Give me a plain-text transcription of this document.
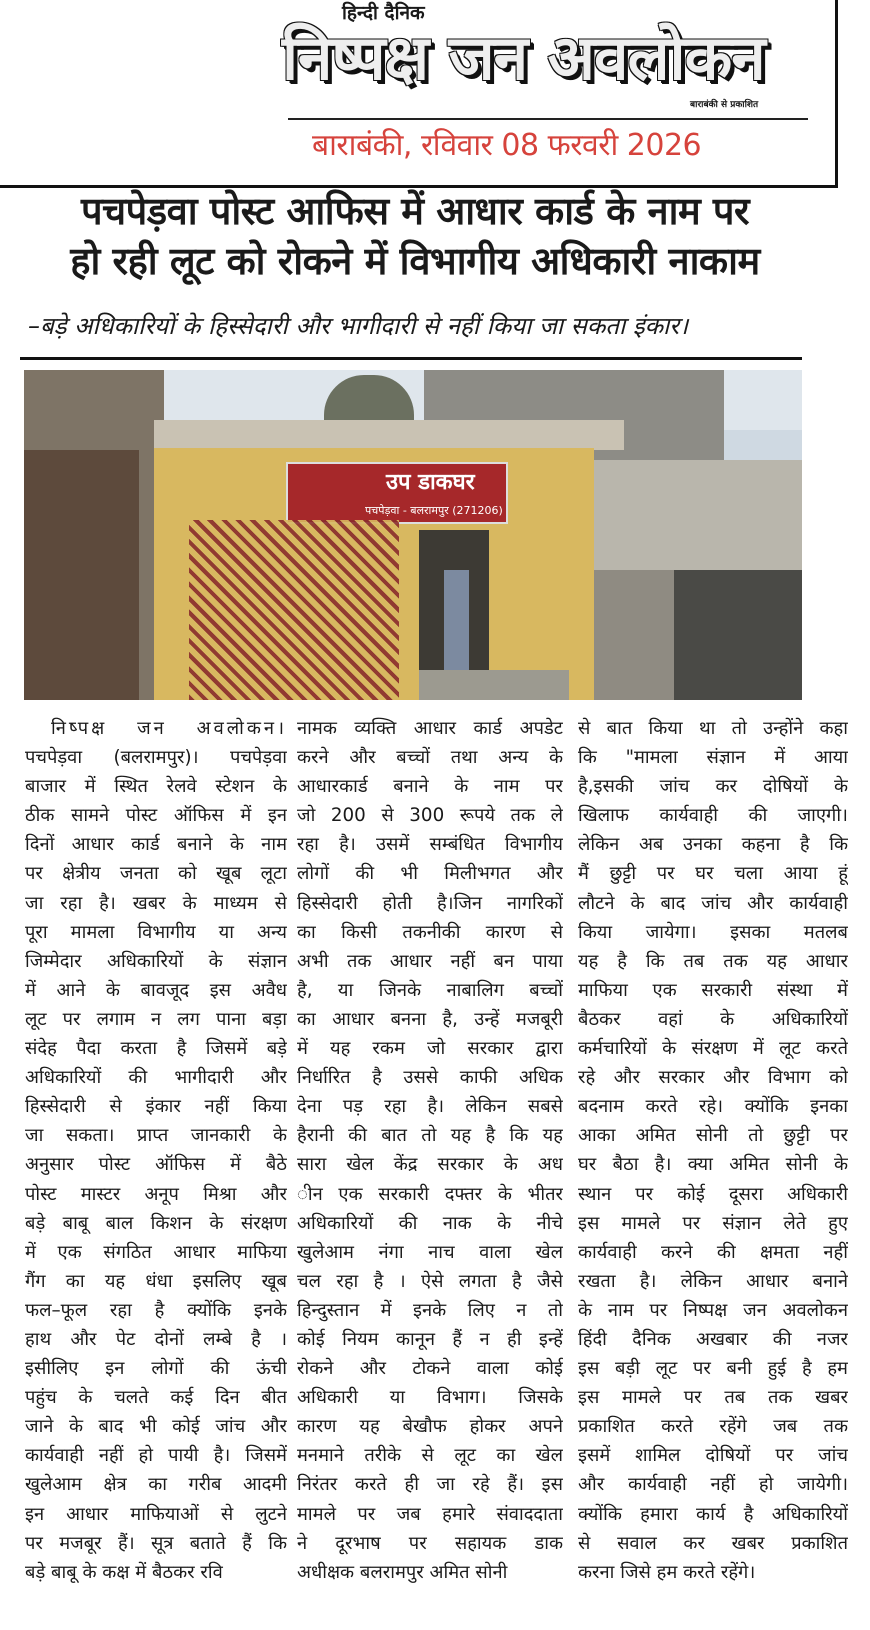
हिन्दी दैनिक
निष्पक्ष जन अवलोकन
बाराबंकी से प्रकाशित
बाराबंकी, रविवार 08 फरवरी 2026
पचपेड़वा पोस्ट आफिस में आधार कार्ड के नाम पर
हो रही लूट को रोकने में विभागीय अधिकारी नाकाम
–बड़े अधिकारियों के हिस्सेदारी और भागीदारी से नहीं किया जा सकता इंकार।
उप डाकघर
पचपेड़वा - बलरामपुर (271206)
निष्पक्ष जन अवलोकन।
पचपेड़वा (बलरामपुर)। पचपेड़वा
बाजार में स्थित रेलवे स्टेशन के
ठीक सामने पोस्ट ऑफिस में इन
दिनों आधार कार्ड बनाने के नाम
पर क्षेत्रीय जनता को खूब लूटा
जा रहा है। खबर के माध्यम से
पूरा मामला विभागीय या अन्य
जिम्मेदार अधिकारियों के संज्ञान
में आने के बावजूद इस अवैध
लूट पर लगाम न लग पाना बड़ा
संदेह पैदा करता है जिसमें बड़े
अधिकारियों की भागीदारी और
हिस्सेदारी से इंकार नहीं किया
जा सकता। प्राप्त जानकारी के
अनुसार पोस्ट ऑफिस में बैठे
पोस्ट मास्टर अनूप मिश्रा और
बड़े बाबू बाल किशन के संरक्षण
में एक संगठित आधार माफिया
गैंग का यह धंधा इसलिए खूब
फल–फूल रहा है क्योंकि इनके
हाथ और पेट दोनों लम्बे है ।
इसीलिए इन लोगों की ऊंची
पहुंच के चलते कई दिन बीत
जाने के बाद भी कोई जांच और
कार्यवाही नहीं हो पायी है। जिसमें
खुलेआम क्षेत्र का गरीब आदमी
इन आधार माफियाओं से लुटने
पर मजबूर हैं। सूत्र बताते हैं कि
बड़े बाबू के कक्ष में बैठकर रवि
नामक व्यक्ति आधार कार्ड अपडेट
करने और बच्चों तथा अन्य के
आधारकार्ड बनाने के नाम पर
जो 200 से 300 रूपये तक ले
रहा है। उसमें सम्बंधित विभागीय
लोगों की भी मिलीभगत और
हिस्सेदारी होती है।जिन नागरिकों
का किसी तकनीकी कारण से
अभी तक आधार नहीं बन पाया
है, या जिनके नाबालिग बच्चों
का आधार बनना है, उन्हें मजबूरी
में यह रकम जो सरकार द्वारा
निर्धारित है उससे काफी अधिक
देना पड़ रहा है। लेकिन सबसे
हैरानी की बात तो यह है कि यह
सारा खेल केंद्र सरकार के अध
ीन एक सरकारी दफ्तर के भीतर
अधिकारियों की नाक के नीचे
खुलेआम नंगा नाच वाला खेल
चल रहा है । ऐसे लगता है जैसे
हिन्दुस्तान में इनके लिए न तो
कोई नियम कानून हैं न ही इन्हें
रोकने और टोकने वाला कोई
अधिकारी या विभाग। जिसके
कारण यह बेखौफ होकर अपने
मनमाने तरीके से लूट का खेल
निरंतर करते ही जा रहे हैं। इस
मामले पर जब हमारे संवाददाता
ने दूरभाष पर सहायक डाक
अधीक्षक बलरामपुर अमित सोनी
से बात किया था तो उन्होंने कहा
कि "मामला संज्ञान में आया
है,इसकी जांच कर दोषियों के
खिलाफ कार्यवाही की जाएगी।
लेकिन अब उनका कहना है कि
मैं छुट्टी पर घर चला आया हूं
लौटने के बाद जांच और कार्यवाही
किया जायेगा। इसका मतलब
यह है कि तब तक यह आधार
माफिया एक सरकारी संस्था में
बैठकर वहां के अधिकारियों
कर्मचारियों के संरक्षण में लूट करते
रहे और सरकार और विभाग को
बदनाम करते रहे। क्योंकि इनका
आका अमित सोनी तो छुट्टी पर
घर बैठा है। क्या अमित सोनी के
स्थान पर कोई दूसरा अधिकारी
इस मामले पर संज्ञान लेते हुए
कार्यवाही करने की क्षमता नहीं
रखता है। लेकिन आधार बनाने
के नाम पर निष्पक्ष जन अवलोकन
हिंदी दैनिक अखबार की नजर
इस बड़ी लूट पर बनी हुई है हम
इस मामले पर तब तक खबर
प्रकाशित करते रहेंगे जब तक
इसमें शामिल दोषियों पर जांच
और कार्यवाही नहीं हो जायेगी।
क्योंकि हमारा कार्य है अधिकारियों
से सवाल कर खबर प्रकाशित
करना जिसे हम करते रहेंगे।
